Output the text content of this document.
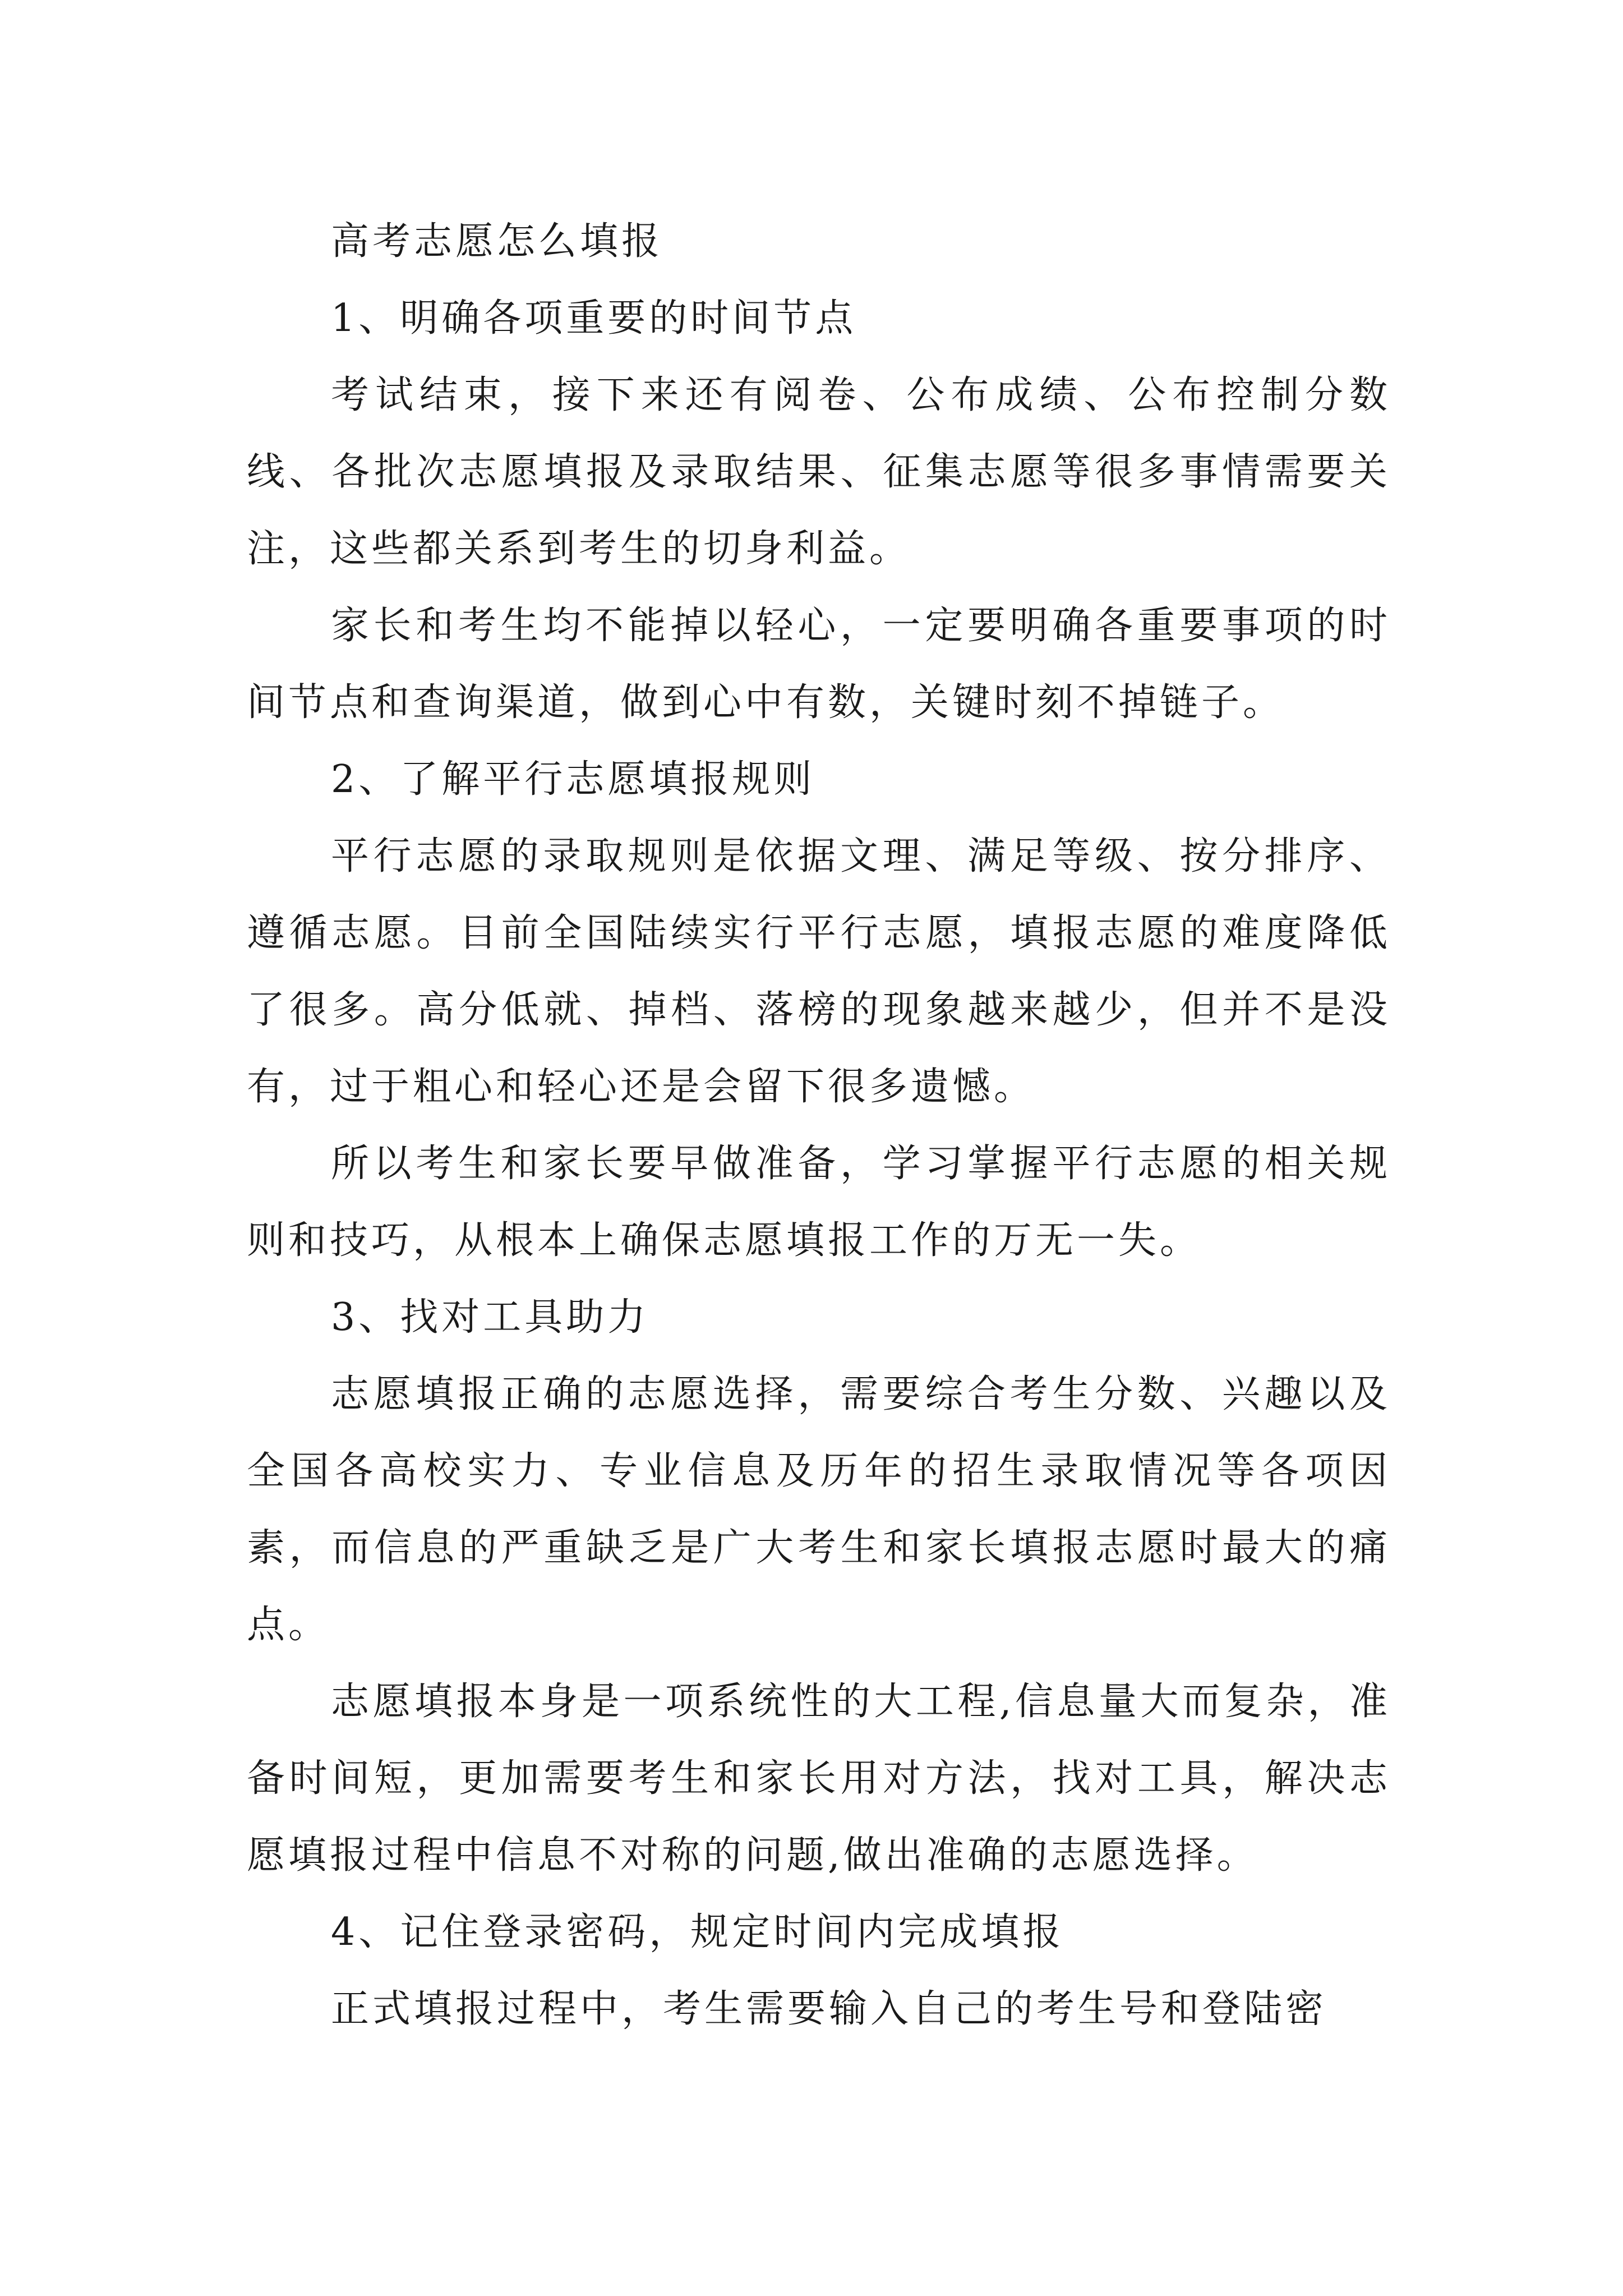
高考志愿怎么填报

1、明确各项重要的时间节点

考试结束，接下来还有阅卷、公布成绩、公布控制分数线、各批次志愿填报及录取结果、征集志愿等很多事情需要关注，这些都关系到考生的切身利益。

家长和考生均不能掉以轻心，一定要明确各重要事项的时间节点和查询渠道，做到心中有数，关键时刻不掉链子。

2、了解平行志愿填报规则

平行志愿的录取规则是依据文理、满足等级、按分排序、遵循志愿。目前全国陆续实行平行志愿，填报志愿的难度降低了很多。高分低就、掉档、落榜的现象越来越少，但并不是没有，过于粗心和轻心还是会留下很多遗憾。

所以考生和家长要早做准备，学习掌握平行志愿的相关规则和技巧，从根本上确保志愿填报工作的万无一失。

3、找对工具助力

志愿填报正确的志愿选择，需要综合考生分数、兴趣以及全国各高校实力、专业信息及历年的招生录取情况等各项因素，而信息的严重缺乏是广大考生和家长填报志愿时最大的痛点。

志愿填报本身是一项系统性的大工程,信息量大而复杂，准备时间短，更加需要考生和家长用对方法，找对工具，解决志愿填报过程中信息不对称的问题,做出准确的志愿选择。

4、记住登录密码，规定时间内完成填报

正式填报过程中，考生需要输入自己的考生号和登陆密
